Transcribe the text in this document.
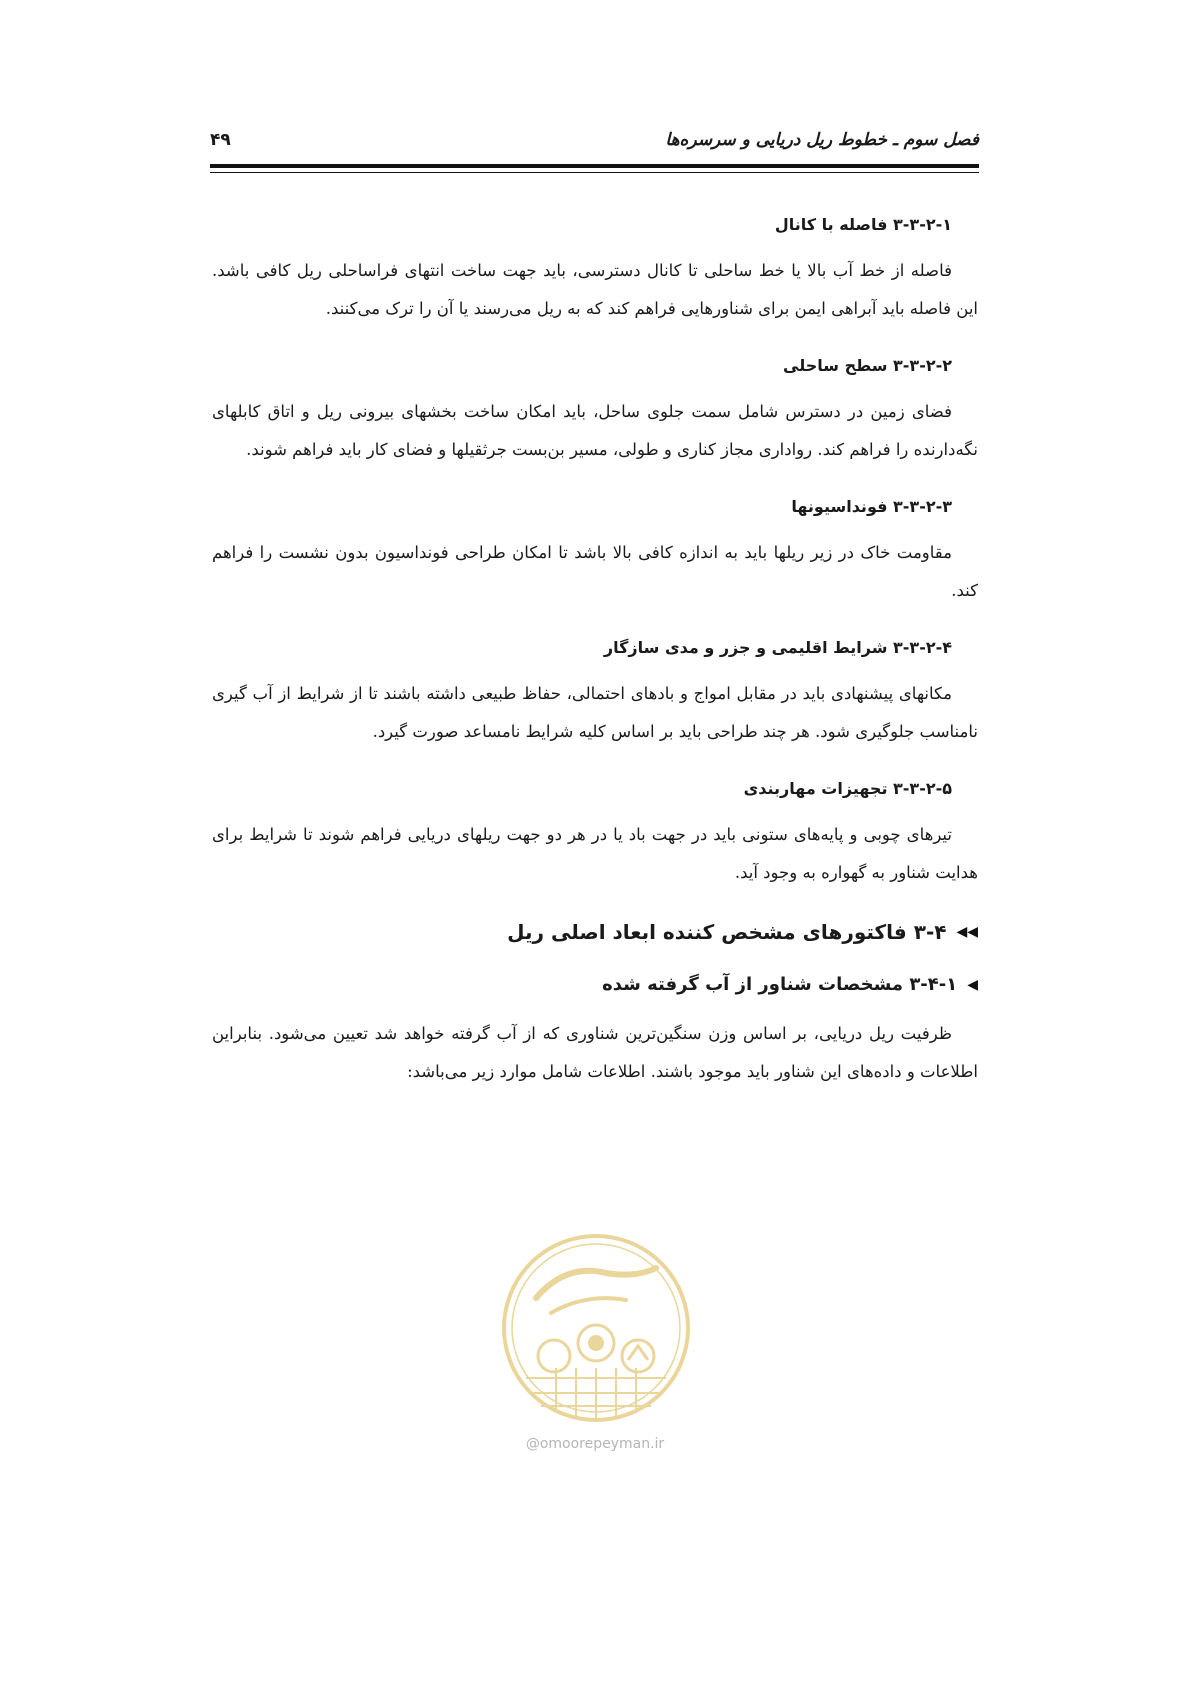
فصل سوم ـ خطوط ریل دریایی و سرسره‌ها
۴۹
۳-۳-۲-۱ فاصله با کانال

فاصله از خط آب بالا یا خط ساحلی تا کانال دسترسی، باید جهت ساخت انتهای فراساحلی ریل کافی باشد. این فاصله باید آبراهی ایمن برای شناورهایی فراهم کند که به ریل می‌رسند یا آن را ترک می‌کنند.

۳-۳-۲-۲ سطح ساحلی

فضای زمین در دسترس شامل سمت جلوی ساحل، باید امکان ساخت بخشهای بیرونی ریل و اتاق کابلهای نگه‌دارنده را فراهم کند. رواداری مجاز کناری و طولی، مسیر بن‌بست جرثقیلها و فضای کار باید فراهم شوند.

۳-۳-۲-۳ فونداسیونها

مقاومت خاک در زیر ریلها باید به اندازه کافی بالا باشد تا امکان طراحی فونداسیون بدون نشست را فراهم کند.

۳-۳-۲-۴ شرایط اقلیمی و جزر و مدی سازگار

مکانهای پیشنهادی باید در مقابل امواج و بادهای احتمالی، حفاظ طبیعی داشته باشند تا از شرایط از آب گیری نامناسب جلوگیری شود. هر چند طراحی باید بر اساس کلیه شرایط نامساعد صورت گیرد.

۳-۳-۲-۵ تجهیزات مهاربندی

تیرهای چوبی و پایه‌های ستونی باید در جهت باد یا در هر دو جهت ریلهای دریایی فراهم شوند تا شرایط برای هدایت شناور به گهواره به وجود آید.

◀◀
۳-۴ فاکتورهای مشخص کننده ابعاد اصلی ریل
◀
۳-۴-۱ مشخصات شناور از آب گرفته شده

ظرفیت ریل دریایی، بر اساس وزن سنگین‌ترین شناوری که از آب گرفته خواهد شد تعیین می‌شود. بنابراین اطلاعات و داده‌های این شناور باید موجود باشند. اطلاعات شامل موارد زیر می‌باشد:

@omoorepeyman.ir
